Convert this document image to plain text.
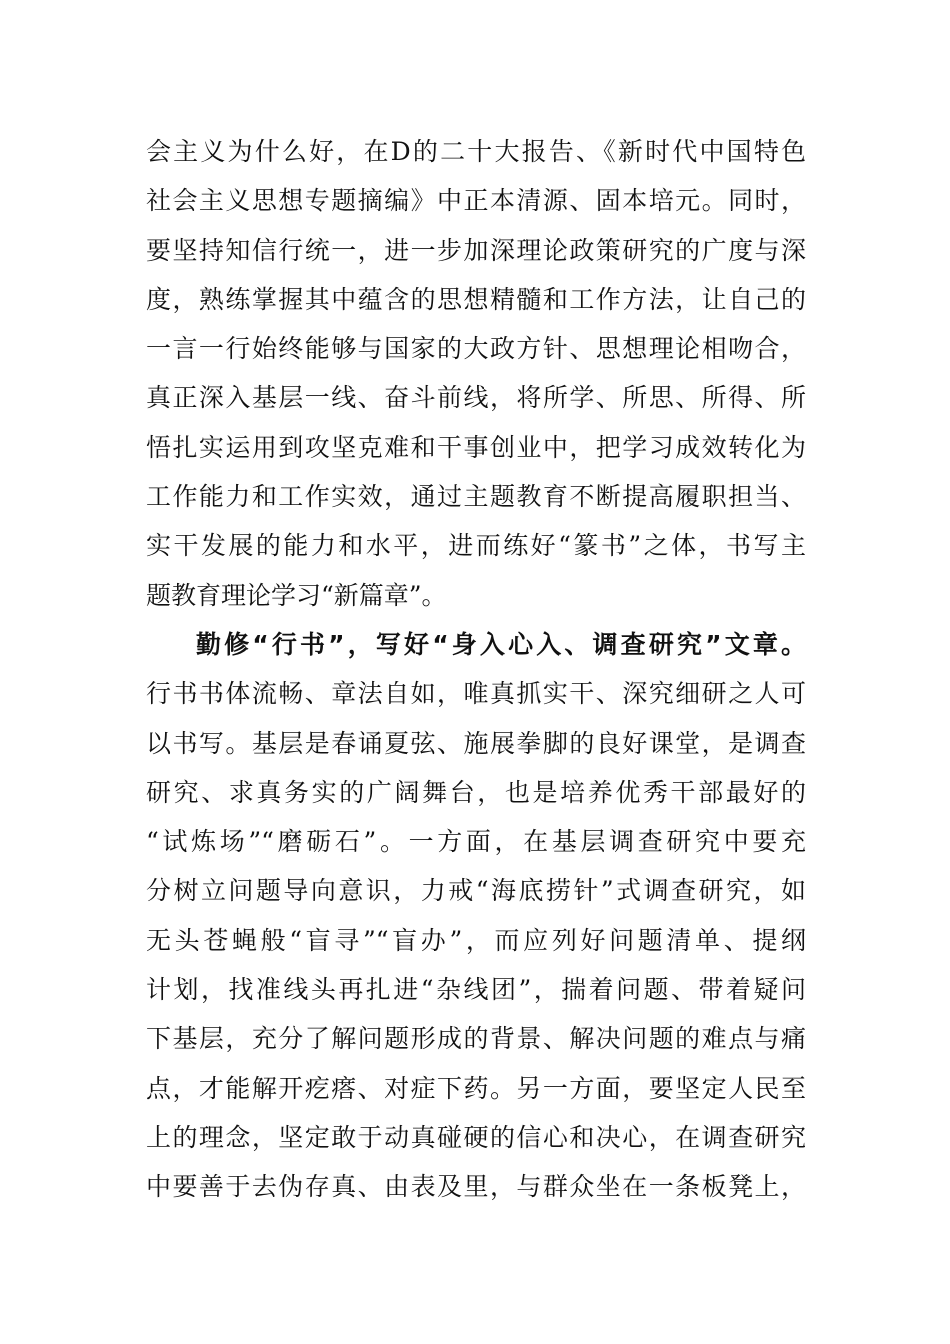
会主义为什么好，在D的二十大报告、《新时代中国特色
社会主义思想专题摘编》中正本清源、固本培元。同时，
要坚持知信行统一，进一步加深理论政策研究的广度与深
度，熟练掌握其中蕴含的思想精髓和工作方法，让自己的
一言一行始终能够与国家的大政方针、思想理论相吻合，
真正深入基层一线、奋斗前线，将所学、所思、所得、所
悟扎实运用到攻坚克难和干事创业中，把学习成效转化为
工作能力和工作实效，通过主题教育不断提高履职担当、
实干发展的能力和水平，进而练好“篆书”之体，书写主
题教育理论学习“新篇章”。
勤修“行书”，写好“身入心入、调查研究”文章。
行书书体流畅、章法自如，唯真抓实干、深究细研之人可
以书写。基层是春诵夏弦、施展拳脚的良好课堂，是调查
研究、求真务实的广阔舞台，也是培养优秀干部最好的
“试炼场”“磨砺石”。一方面，在基层调查研究中要充
分树立问题导向意识，力戒“海底捞针”式调查研究，如
无头苍蝇般“盲寻”“盲办”，而应列好问题清单、提纲
计划，找准线头再扎进“杂线团”，揣着问题、带着疑问
下基层，充分了解问题形成的背景、解决问题的难点与痛
点，才能解开疙瘩、对症下药。另一方面，要坚定人民至
上的理念，坚定敢于动真碰硬的信心和决心，在调查研究
中要善于去伪存真、由表及里，与群众坐在一条板凳上，
